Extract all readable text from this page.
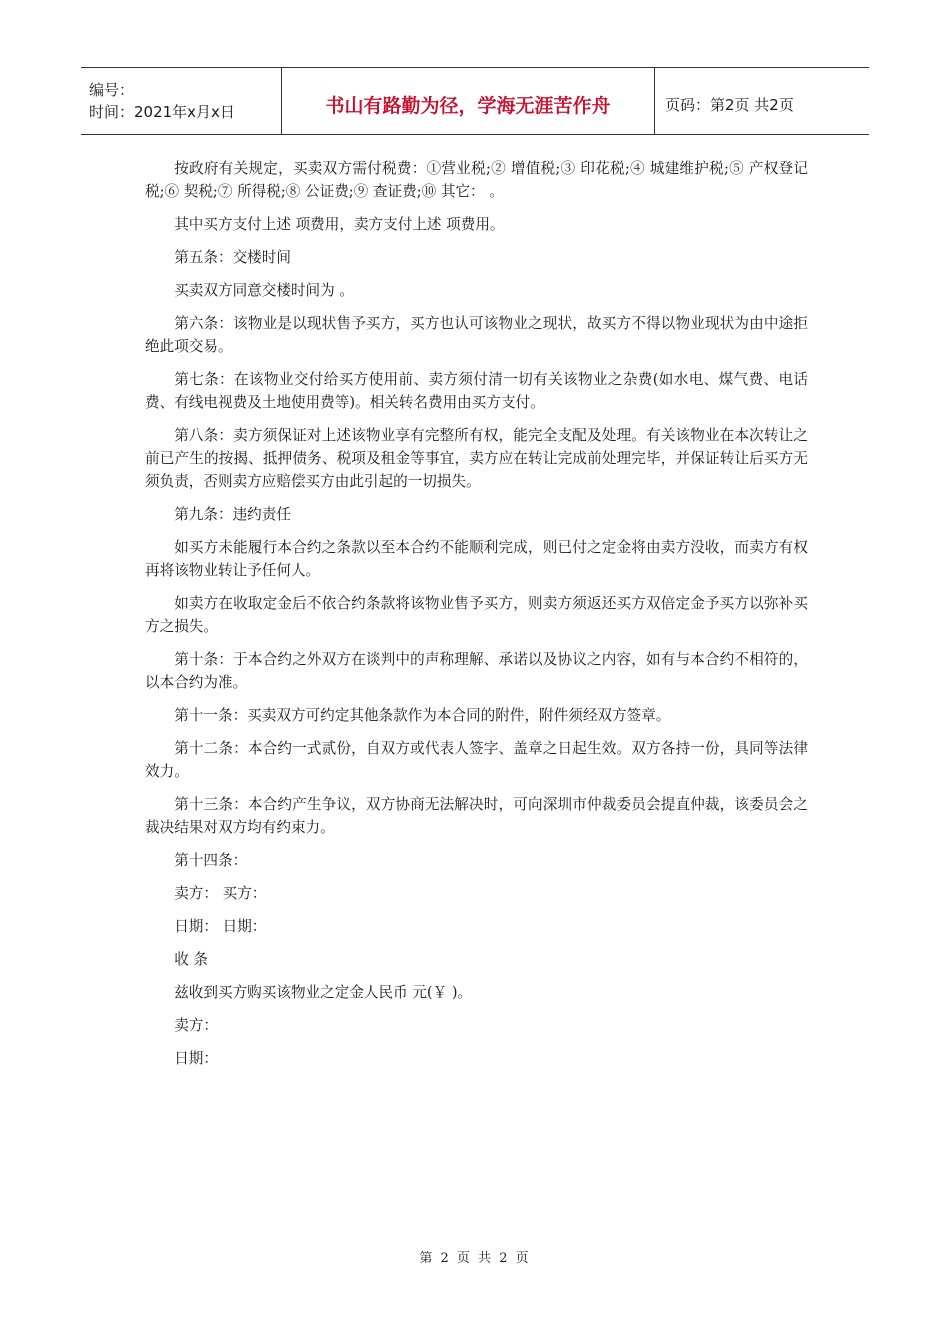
编号：
时间：2021年x月x日	书山有路勤为径，学海无涯苦作舟	页码：第2页 共2页

按政府有关规定，买卖双方需付税费：①营业税;② 增值税;③ 印花税;④ 城建维护税;⑤ 产权登记税;⑥ 契税;⑦ 所得税;⑧ 公证费;⑨ 查证费;⑩ 其它： 。

其中买方支付上述 项费用，卖方支付上述 项费用。

第五条：交楼时间

买卖双方同意交楼时间为 。

第六条：该物业是以现状售予买方，买方也认可该物业之现状，故买方不得以物业现状为由中途拒绝此项交易。

第七条：在该物业交付给买方使用前、卖方须付清一切有关该物业之杂费(如水电、煤气费、电话费、有线电视费及土地使用费等)。相关转名费用由买方支付。

第八条：卖方须保证对上述该物业享有完整所有权，能完全支配及处理。有关该物业在本次转让之前已产生的按揭、抵押债务、税项及租金等事宜，卖方应在转让完成前处理完毕，并保证转让后买方无须负责，否则卖方应赔偿买方由此引起的一切损失。

第九条：违约责任

如买方未能履行本合约之条款以至本合约不能顺利完成，则已付之定金将由卖方没收，而卖方有权再将该物业转让予任何人。

如卖方在收取定金后不依合约条款将该物业售予买方，则卖方须返还买方双倍定金予买方以弥补买方之损失。

第十条：于本合约之外双方在谈判中的声称理解、承诺以及协议之内容，如有与本合约不相符的，以本合约为准。

第十一条：买卖双方可约定其他条款作为本合同的附件，附件须经双方签章。

第十二条：本合约一式贰份，自双方或代表人签字、盖章之日起生效。双方各持一份，具同等法律效力。

第十三条：本合约产生争议，双方协商无法解决时，可向深圳市仲裁委员会提直仲裁，该委员会之裁决结果对双方均有约束力。

第十四条：

卖方： 买方：

日期： 日期：

收 条

兹收到买方购买该物业之定金人民币 元(￥ )。

卖方：

日期：

第 2 页 共 2 页
